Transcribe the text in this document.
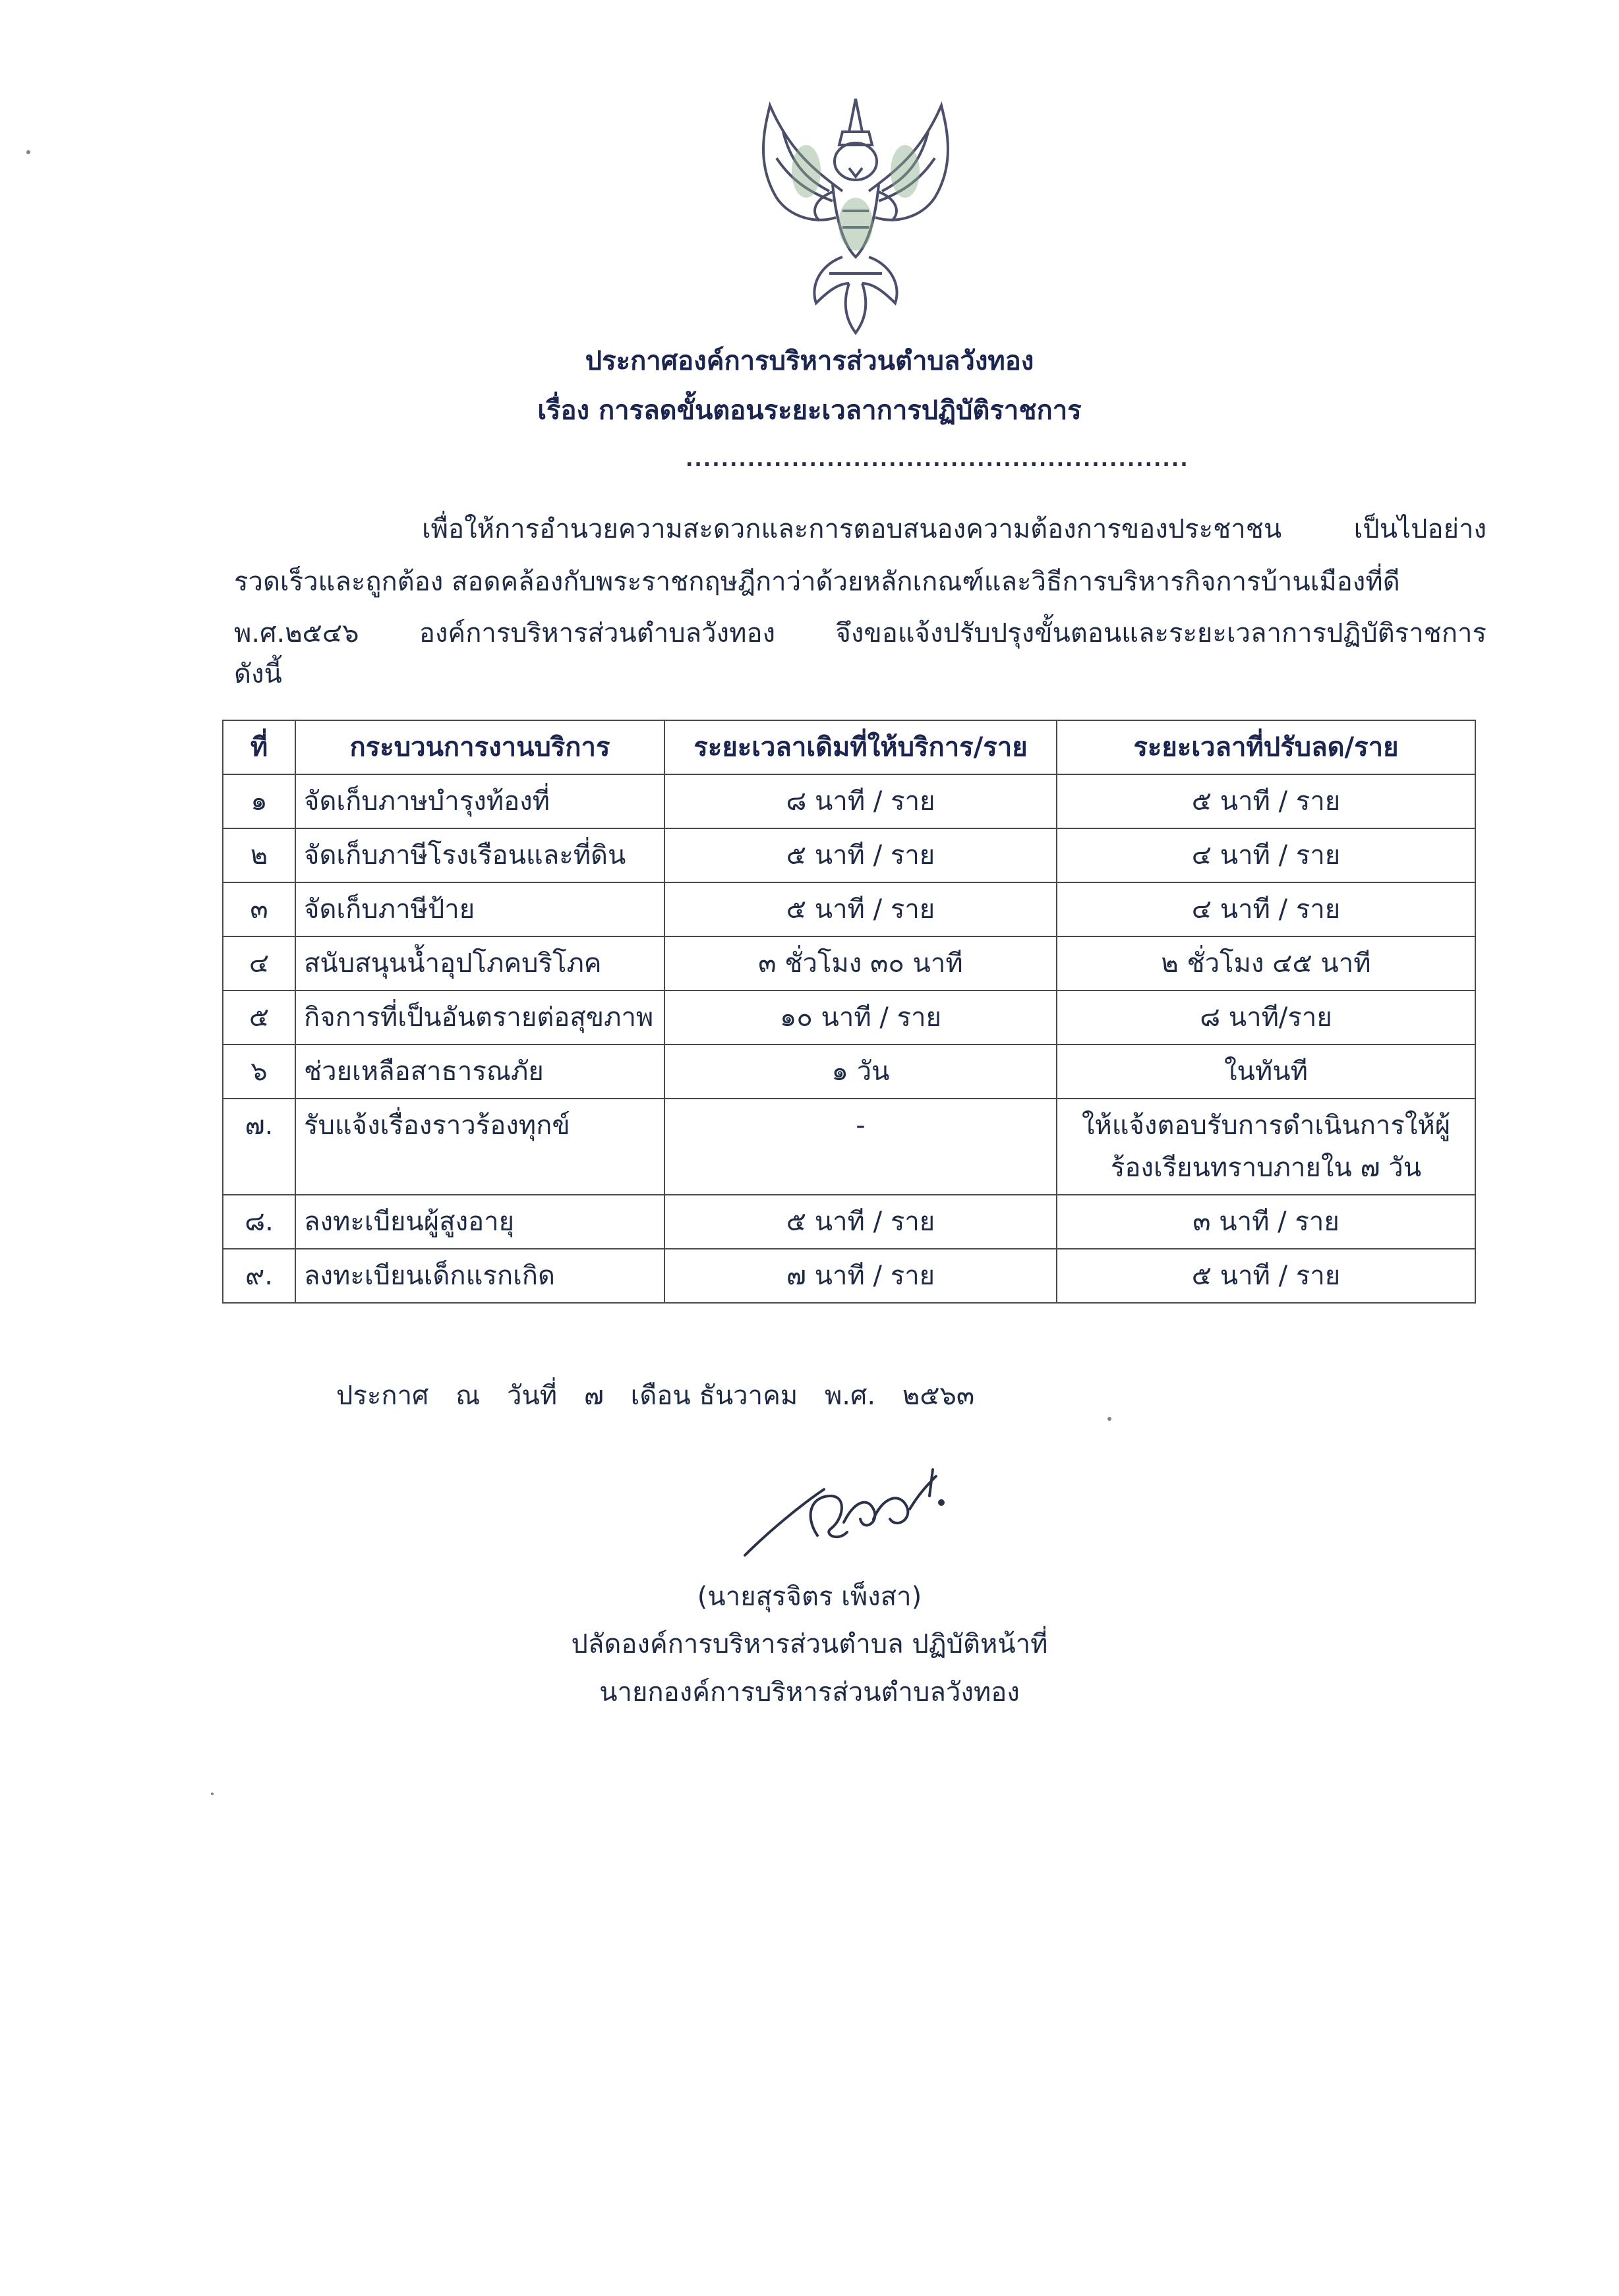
ประกาศองค์การบริหารส่วนตำบลวังทอง
เรื่อง การลดขั้นตอนระยะเวลาการปฏิบัติราชการ
.........................................................
เพื่อให้การอำนวยความสะดวกและการตอบสนองความต้องการของประชาชน	เป็นไปอย่าง
รวดเร็วและถูกต้อง สอดคล้องกับพระราชกฤษฎีกาว่าด้วยหลักเกณฑ์และวิธีการบริหารกิจการบ้านเมืองที่ดี
พ.ศ.๒๕๔๖ องค์การบริหารส่วนตำบลวังทอง จึงขอแจ้งปรับปรุงขั้นตอนและระยะเวลาการปฏิบัติราชการ
ดังนี้
ที่	กระบวนการงานบริการ	ระยะเวลาเดิมที่ให้บริการ/ราย	ระยะเวลาที่ปรับลด/ราย
๑	จัดเก็บภาษบำรุงท้องที่	๘ นาที / ราย	๕ นาที / ราย
๒	จัดเก็บภาษีโรงเรือนและที่ดิน	๕ นาที / ราย	๔ นาที / ราย
๓	จัดเก็บภาษีป้าย	๕ นาที / ราย	๔ นาที / ราย
๔	สนับสนุนน้ำอุปโภคบริโภค	๓ ชั่วโมง ๓๐ นาที	๒ ชั่วโมง ๔๕ นาที
๕	กิจการที่เป็นอันตรายต่อสุขภาพ	๑๐ นาที / ราย	๘ นาที/ราย
๖	ช่วยเหลือสาธารณภัย	๑ วัน	ในทันที
๗.	รับแจ้งเรื่องราวร้องทุกข์	-	ให้แจ้งตอบรับการดำเนินการให้ผู้ร้องเรียนทราบภายใน ๗ วัน
๘.	ลงทะเบียนผู้สูงอายุ	๕ นาที / ราย	๓ นาที / ราย
๙.	ลงทะเบียนเด็กแรกเกิด	๗ นาที / ราย	๕ นาที / ราย
ประกาศ ณ วันที่ ๗ เดือน ธันวาคม พ.ศ. ๒๕๖๓
(นายสุรจิตร เพ็งสา)
ปลัดองค์การบริหารส่วนตำบล ปฏิบัติหน้าที่
นายกองค์การบริหารส่วนตำบลวังทอง
